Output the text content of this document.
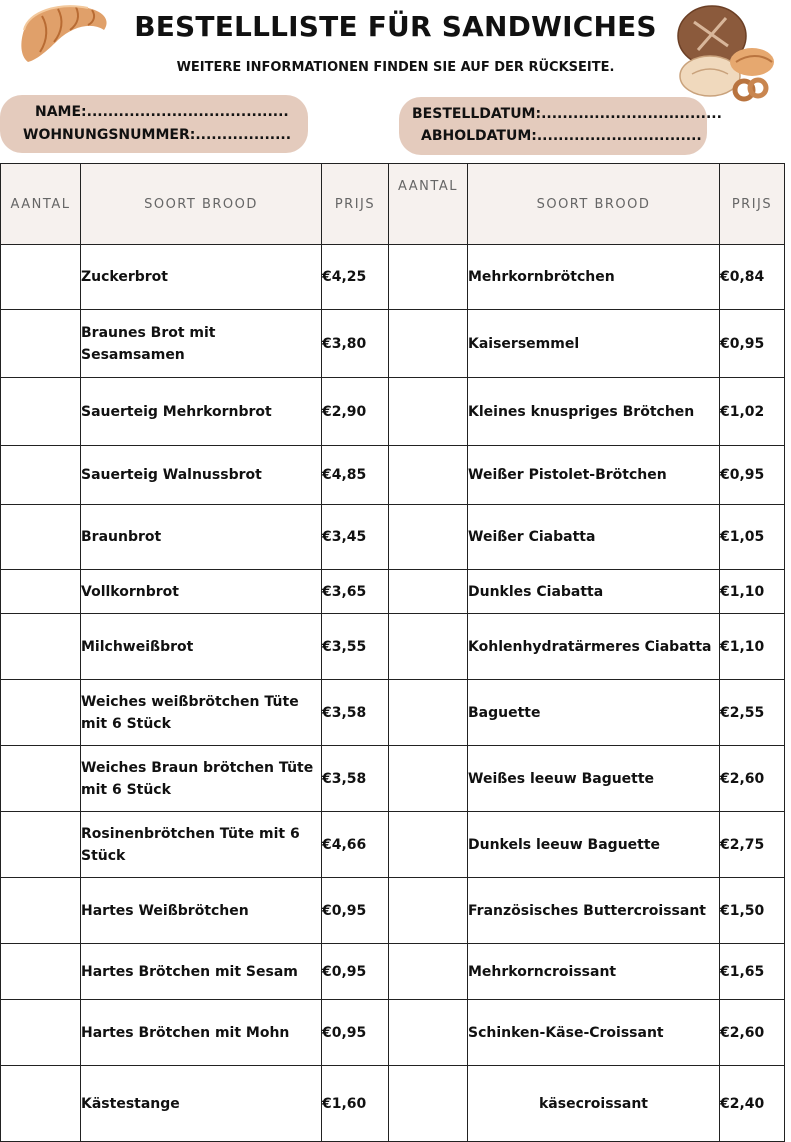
BESTELLLISTE FÜR SANDWICHES
WEITERE INFORMATIONEN FINDEN SIE AUF DER RÜCKSEITE.
NAME:......................................
WOHNUNGSNUMMER:..................
BESTELLDATUM:..................................
ABHOLDATUM:...............................
AANTAL	SOORT BROOD	PRIJS	AANTAL	SOORT BROOD	PRIJS
	Zuckerbrot	€4,25		Mehrkornbrötchen	€0,84
	Braunes Brot mit Sesamsamen	€3,80		Kaisersemmel	€0,95
	Sauerteig Mehrkornbrot	€2,90		Kleines knuspriges Brötchen	€1,02
	Sauerteig Walnussbrot	€4,85		Weißer Pistolet-Brötchen	€0,95
	Braunbrot	€3,45		Weißer Ciabatta	€1,05
	Vollkornbrot	€3,65		Dunkles Ciabatta	€1,10
	Milchweißbrot	€3,55		Kohlenhydratärmeres Ciabatta	€1,10
	Weiches weißbrötchen Tüte mit 6 Stück	€3,58		Baguette	€2,55
	Weiches Braun brötchen Tüte mit 6 Stück	€3,58		Weißes leeuw Baguette	€2,60
	Rosinenbrötchen Tüte mit 6 Stück	€4,66		Dunkels leeuw Baguette	€2,75
	Hartes Weißbrötchen	€0,95		Französisches Buttercroissant	€1,50
	Hartes Brötchen mit Sesam	€0,95		Mehrkorncroissant	€1,65
	Hartes Brötchen mit Mohn	€0,95		Schinken-Käse-Croissant	€2,60
	Kästestange	€1,60		käsecroissant	€2,40
